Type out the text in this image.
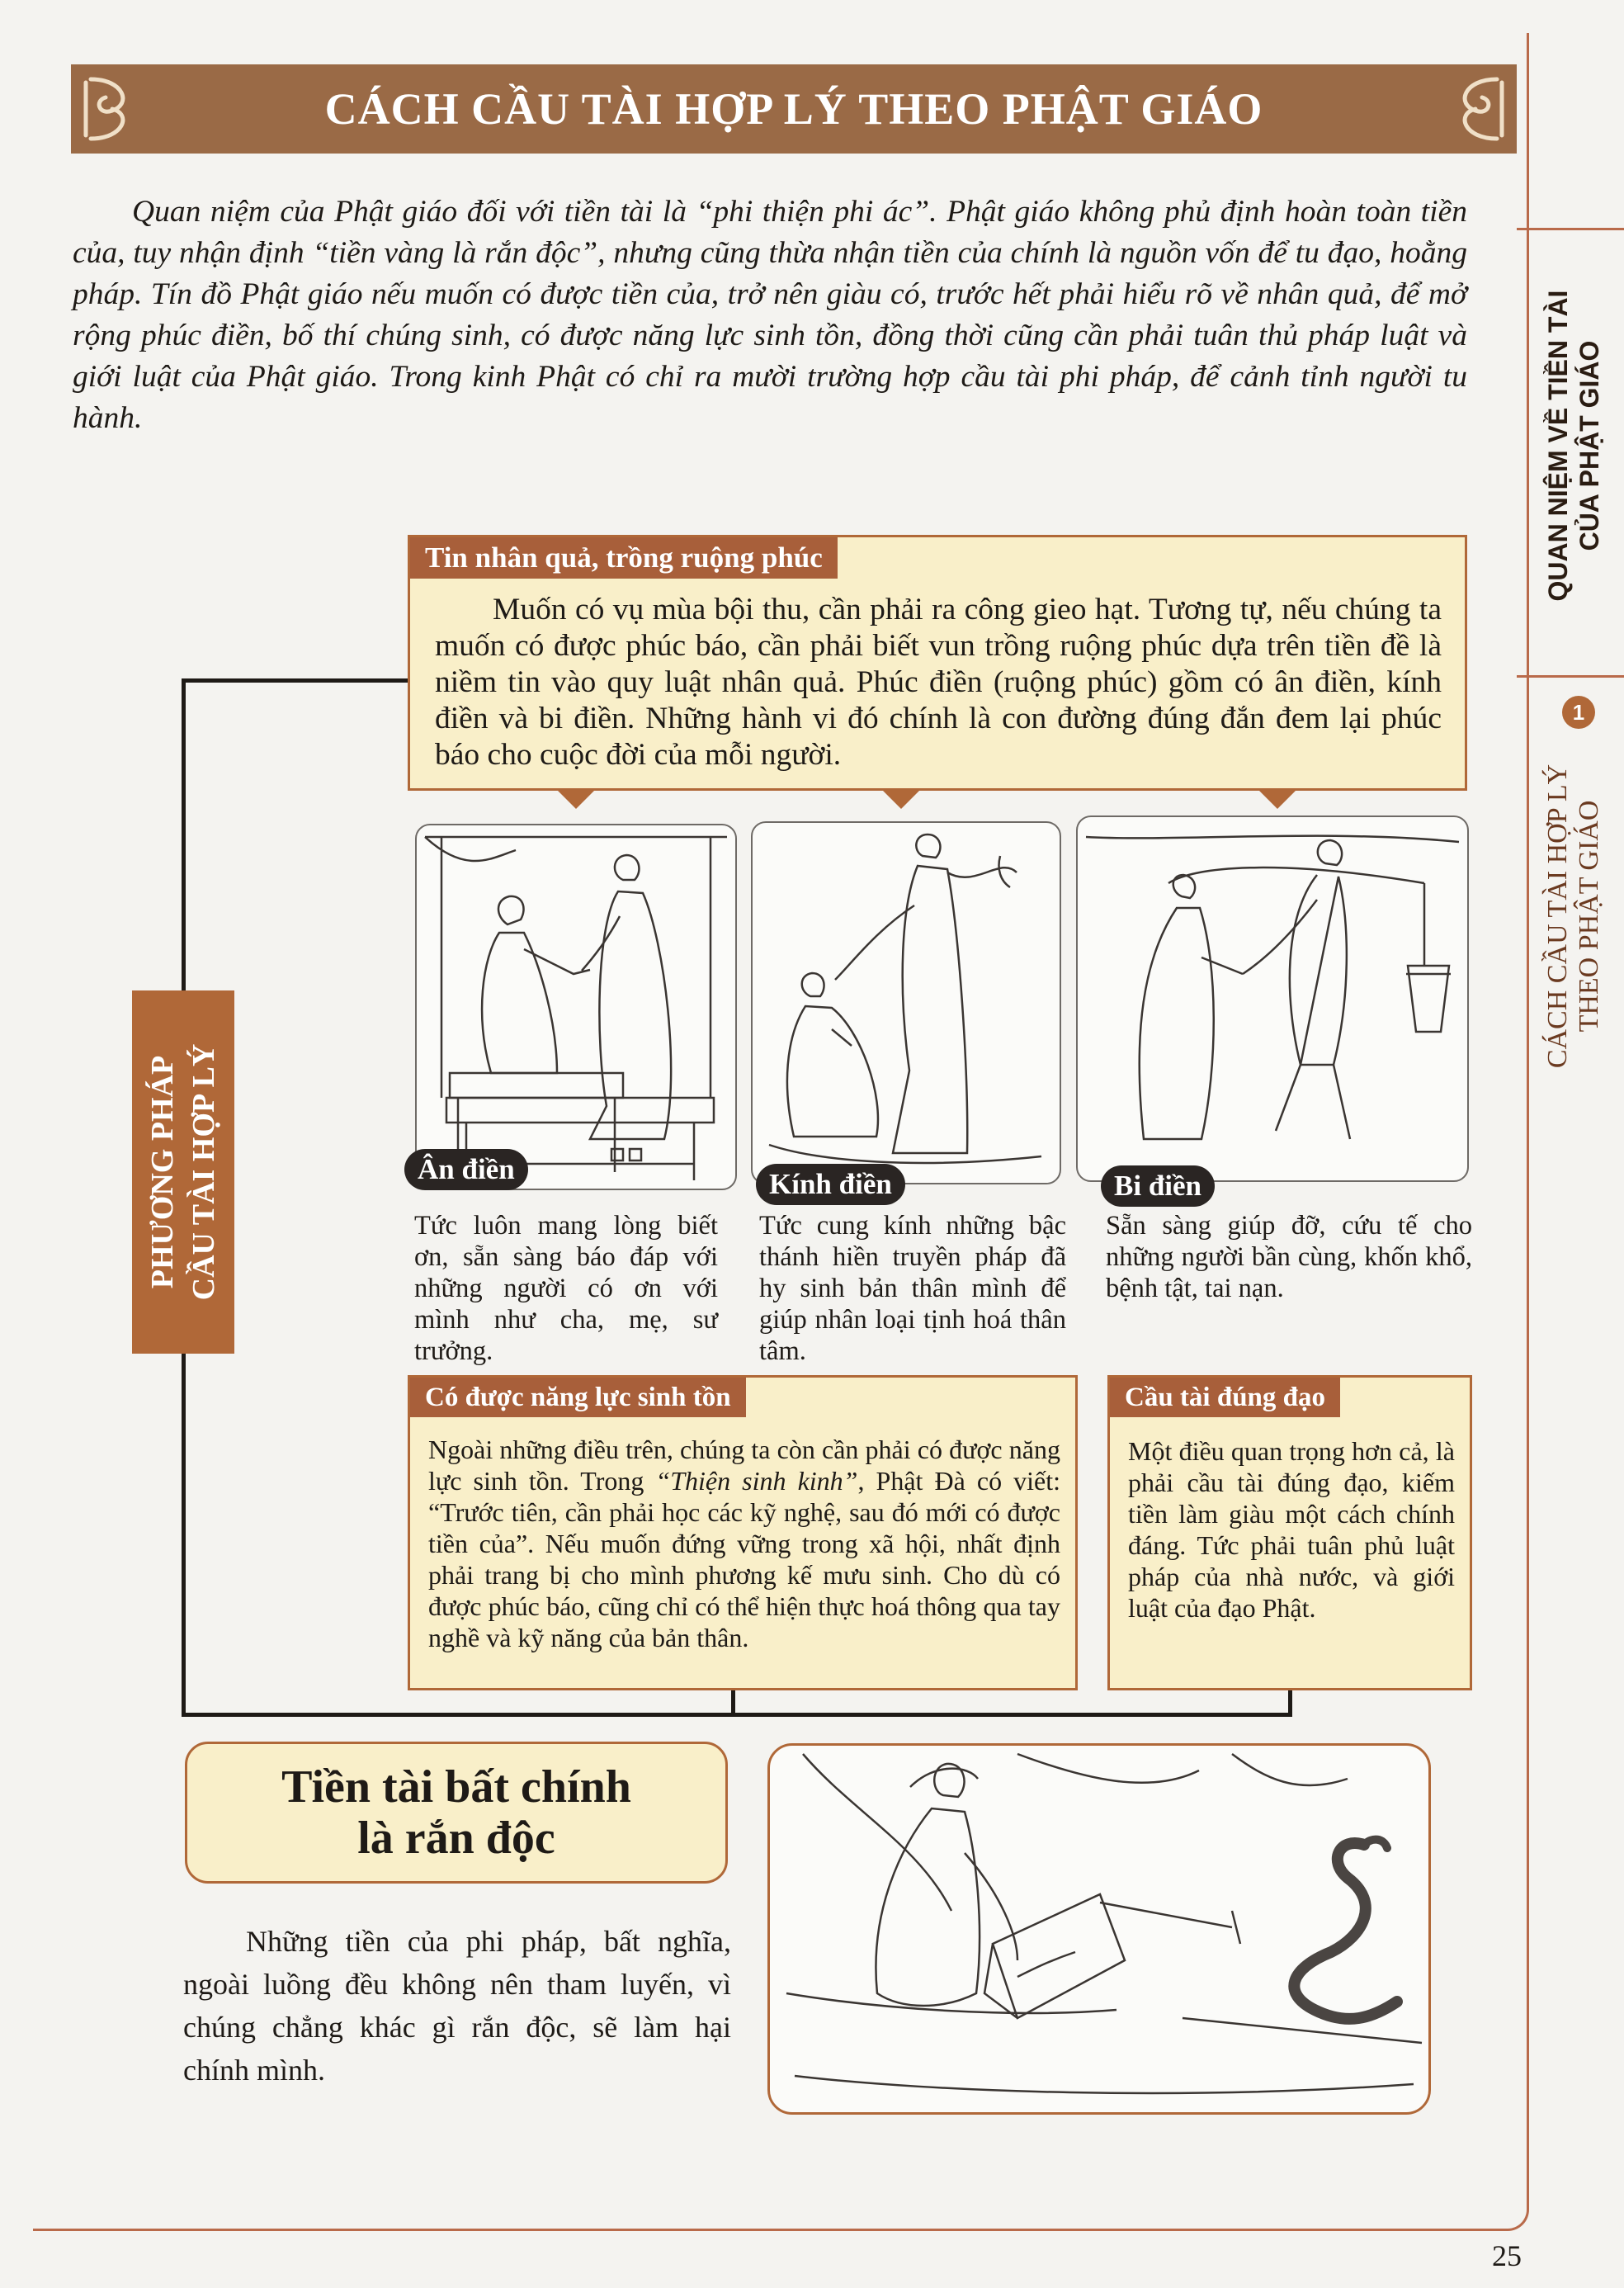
CÁCH CẦU TÀI HỢP LÝ THEO PHẬT GIÁO

Quan niệm của Phật giáo đối với tiền tài là “phi thiện phi ác”. Phật giáo không phủ định hoàn toàn tiền của, tuy nhận định “tiền vàng là rắn độc”, nhưng cũng thừa nhận tiền của chính là nguồn vốn để tu đạo, hoằng pháp. Tín đồ Phật giáo nếu muốn có được tiền của, trở nên giàu có, trước hết phải hiểu rõ về nhân quả, để mở rộng phúc điền, bố thí chúng sinh, có được năng lực sinh tồn, đồng thời cũng cần phải tuân thủ pháp luật và giới luật của Phật giáo. Trong kinh Phật có chỉ ra mười trường hợp cầu tài phi pháp, để cảnh tỉnh người tu hành.	QUAN NIỆM VỀ TIỀN TÀI
CỦA PHẬT GIÁO
1
CÁCH CẦU TÀI HỢP LÝ
THEO PHẬT GIÁO
PHƯƠNG PHÁP CẦU TÀI HỢP LÝ
Tin nhân quả, trồng ruộng phúc

Muốn có vụ mùa bội thu, cần phải ra công gieo hạt. Tương tự, nếu chúng ta muốn có được phúc báo, cần phải biết vun trồng ruộng phúc dựa trên tiền đề là niềm tin vào quy luật nhân quả. Phúc điền (ruộng phúc) gồm có ân điền, kính điền và bi điền. Những hành vi đó chính là con đường đúng đắn đem lại phúc báo cho cuộc đời của mỗi người.

Ân điền

Tức luôn mang lòng biết ơn, sẵn sàng báo đáp với những người có ơn với mình như cha, mẹ, sư trưởng.

Kính điền

Tức cung kính những bậc thánh hiền truyền pháp đã hy sinh bản thân mình để giúp nhân loại tịnh hoá thân tâm.

Bi điền

Sẵn sàng giúp đỡ, cứu tế cho những người bần cùng, khốn khổ, bệnh tật, tai nạn.

Có được năng lực sinh tồn

Ngoài những điều trên, chúng ta còn cần phải có được năng lực sinh tồn. Trong “Thiện sinh kinh”, Phật Đà có viết: “Trước tiên, cần phải học các kỹ nghệ, sau đó mới có được tiền của”. Nếu muốn đứng vững trong xã hội, nhất định phải trang bị cho mình phương kế mưu sinh. Cho dù có được phúc báo, cũng chỉ có thể hiện thực hoá thông qua tay nghề và kỹ năng của bản thân.

Cầu tài đúng đạo

Một điều quan trọng hơn cả, là phải cầu tài đúng đạo, kiếm tiền làm giàu một cách chính đáng. Tức phải tuân phủ luật pháp của nhà nước, và giới luật của đạo Phật.

Tiền tài bất chính
là rắn độc

Những tiền của phi pháp, bất nghĩa, ngoài luồng đều không nên tham luyến, vì chúng chẳng khác gì rắn độc, sẽ làm hại chính mình.

25
